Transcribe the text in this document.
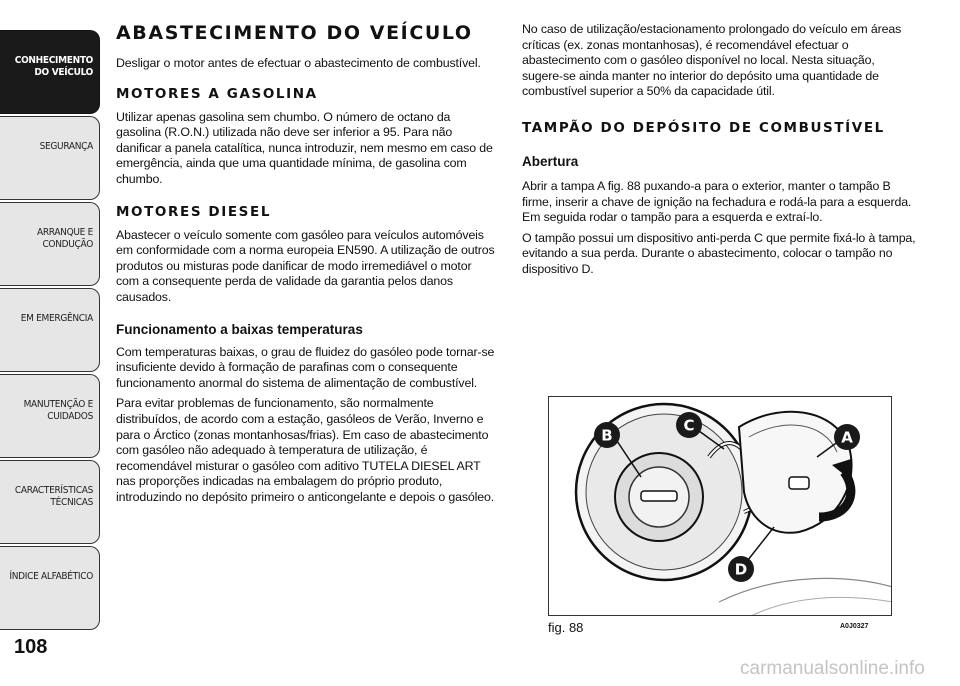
CONHECIMENTO
DO VEÍCULO
SEGURANÇA
ARRANQUE E
CONDUÇÃO
EM EMERGÊNCIA
MANUTENÇÃO E
CUIDADOS
CARACTERÍSTICAS
TÉCNICAS
ÍNDICE ALFABÉTICO
108
ABASTECIMENTO DO VEÍCULO
Desligar o motor antes de efectuar o abastecimento de combustível.
MOTORES A GASOLINA
Utilizar apenas gasolina sem chumbo. O número de octano da gasolina (R.O.N.) utilizada não deve ser inferior a 95. Para não danificar a panela catalítica, nunca introduzir, nem mesmo em caso de emergência, ainda que uma quantidade mínima, de gasolina com chumbo.
MOTORES DIESEL
Abastecer o veículo somente com gasóleo para veículos automóveis em conformidade com a norma europeia EN590. A utilização de outros produtos ou misturas pode danificar de modo irremediável o motor com a consequente perda de validade da garantia pelos danos causados.
Funcionamento a baixas temperaturas
Com temperaturas baixas, o grau de fluidez do gasóleo pode tornar-se insuficiente devido à formação de parafinas com o consequente funcionamento anormal do sistema de alimentação de combustível.
Para evitar problemas de funcionamento, são normalmente distribuídos, de acordo com a estação, gasóleos de Verão, Inverno e para o Árctico (zonas montanhosas/frias). Em caso de abastecimento com gasóleo não adequado à temperatura de utilização, é recomendável misturar o gasóleo com aditivo TUTELA DIESEL ART nas proporções indicadas na embalagem do próprio produto, introduzindo no depósito primeiro o anticongelante e depois o gasóleo.
No caso de utilização/estacionamento prolongado do veículo em áreas críticas (ex. zonas montanhosas), é recomendável efectuar o abastecimento com o gasóleo disponível no local. Nesta situação, sugere-se ainda manter no interior do depósito uma quantidade de combustível superior a 50% da capacidade útil.
TAMPÃO DO DEPÓSITO DE COMBUSTÍVEL
Abertura
Abrir a tampa A fig. 88 puxando-a para o exterior, manter o tampão B firme, inserir a chave de ignição na fechadura e rodá-la para a esquerda. Em seguida rodar o tampão para a esquerda e extraí-lo.
O tampão possui um dispositivo anti-perda C que permite fixá-lo à tampa, evitando a sua perda. Durante o abastecimento, colocar o tampão no dispositivo D.
B
C
A
D
fig. 88	A0J0327
carmanualsonline.info
